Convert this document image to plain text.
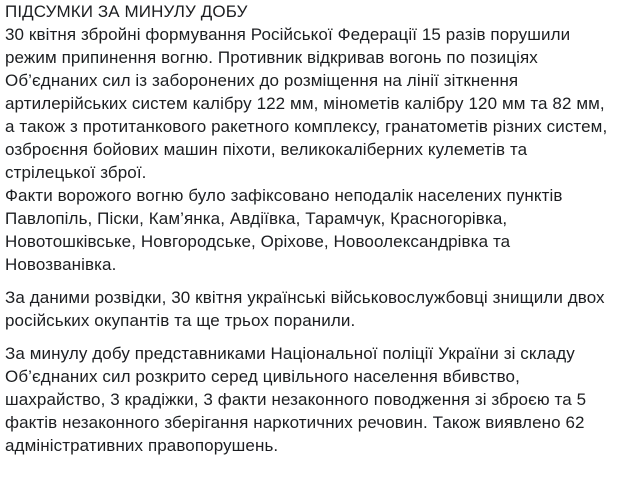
ПІДСУМКИ ЗА МИНУЛУ ДОБУ

30 квітня збройні формування Російської Федерації 15 разів порушили режим припинення вогню. Противник відкривав вогонь по позиціях Об’єднаних сил із заборонених до розміщення на лінії зіткнення артилерійських систем калібру 122 мм, мінометів калібру 120 мм та 82 мм, а також з протитанкового ракетного комплексу, гранатометів різних систем, озброєння бойових машин піхоти, великокаліберних кулеметів та стрілецької зброї.

Факти ворожого вогню було зафіксовано неподалік населених пунктів Павлопіль, Піски, Кам’янка, Авдіївка, Тарамчук, Красногорівка, Новотошківське, Новгородське, Оріхове, Новоолександрівка та Новозванівка.

За даними розвідки, 30 квітня українські військовослужбовці знищили двох російських окупантів та ще трьох поранили.

За минулу добу представниками Національної поліції України зі складу Об’єднаних сил розкрито серед цивільного населення вбивство, шахрайство, 3 крадіжки, 3 факти незаконного поводження зі зброєю та 5 фактів незаконного зберігання наркотичних речовин. Також виявлено 62 адміністративних правопорушень.
